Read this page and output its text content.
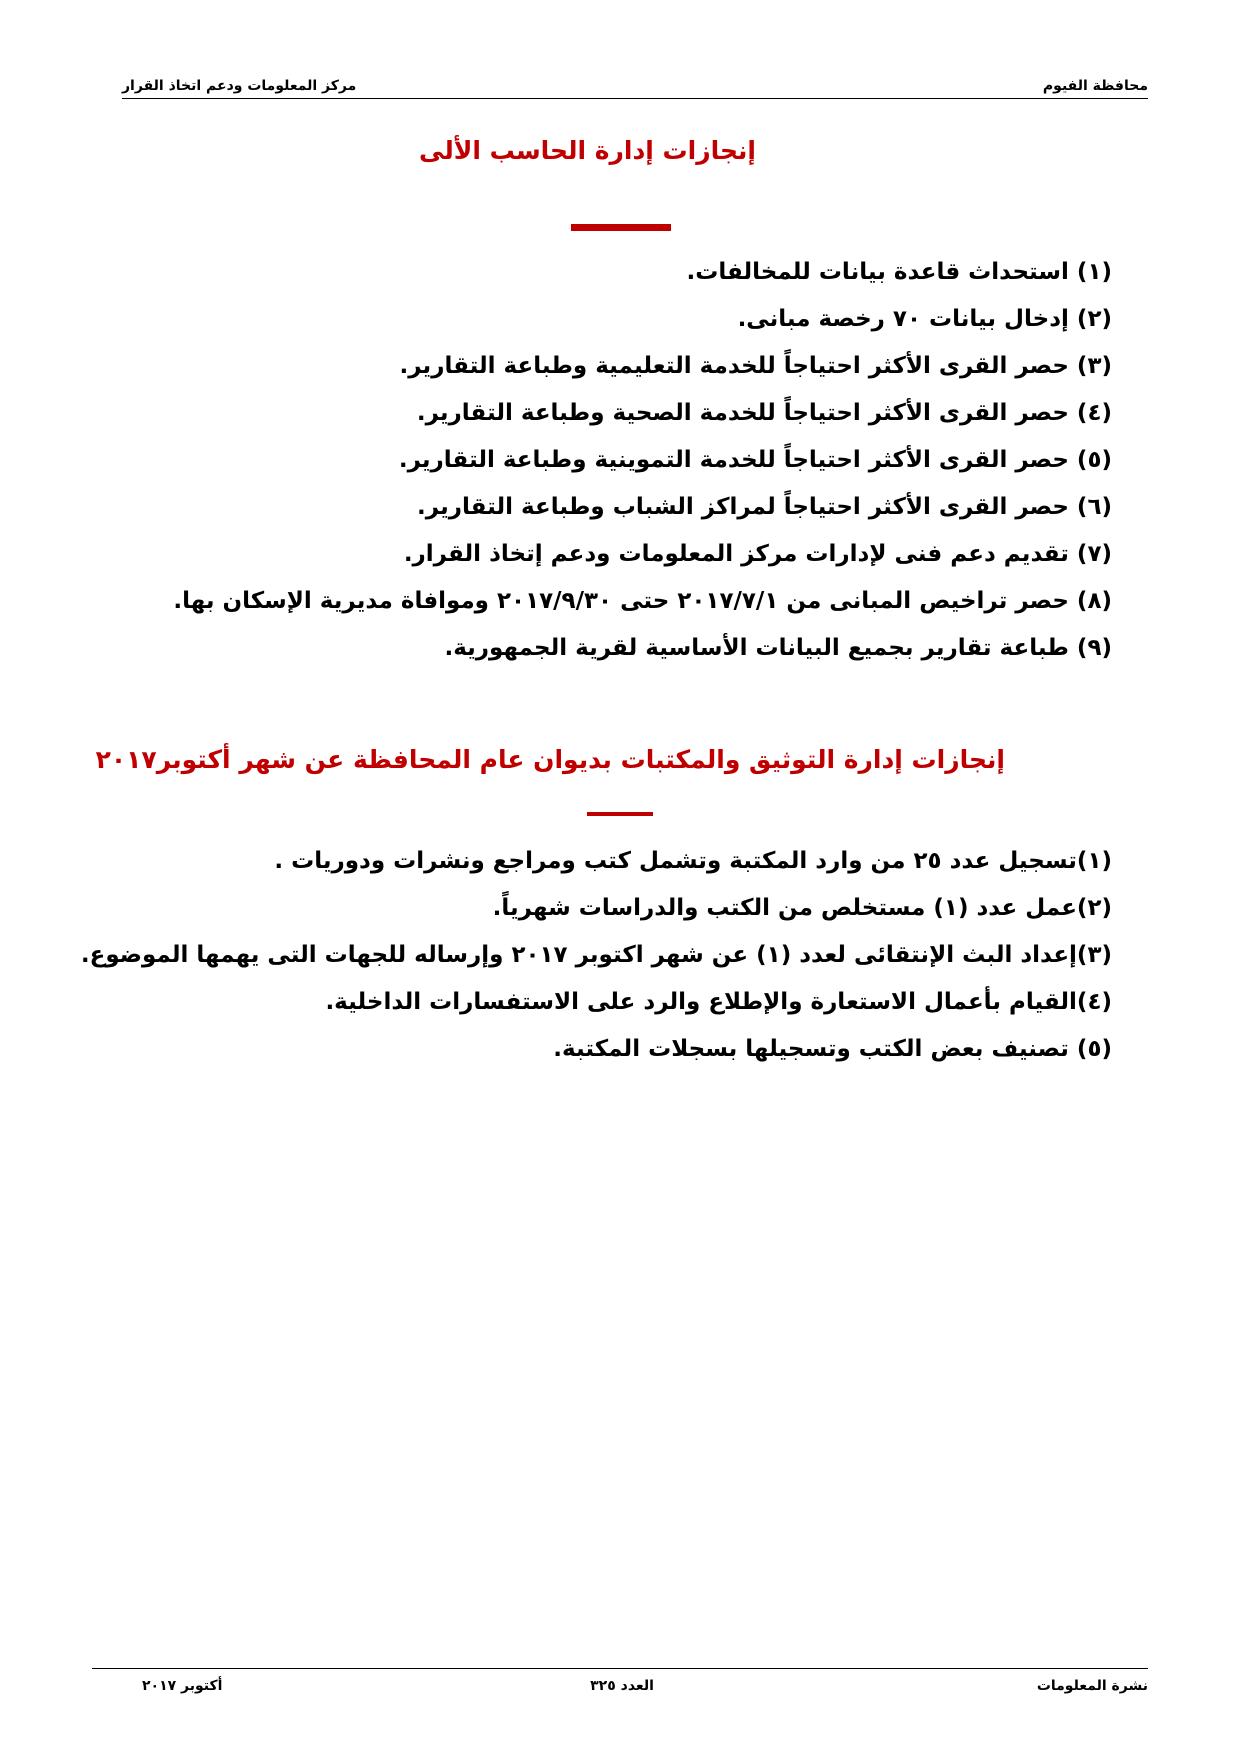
محافظة الفيوم
مركز المعلومات ودعم اتخاذ القرار
إنجازات إدارة الحاسب الألى
(١) استحداث قاعدة بيانات للمخالفات.
(٢) إدخال بيانات ٧٠ رخصة مبانى.
(٣) حصر القرى الأكثر احتياجاً للخدمة التعليمية وطباعة التقارير.
(٤) حصر القرى الأكثر احتياجاً للخدمة الصحية وطباعة التقارير.
(٥) حصر القرى الأكثر احتياجاً للخدمة التموينية وطباعة التقارير.
(٦) حصر القرى الأكثر احتياجاً لمراكز الشباب وطباعة التقارير.
(٧) تقديم دعم فنى لإدارات مركز المعلومات ودعم إتخاذ القرار.
(٨) حصر تراخيص المبانى من ٢٠١٧/٧/١ حتى ٢٠١٧/٩/٣٠ وموافاة مديرية الإسكان بها.
(٩) طباعة تقارير بجميع البيانات الأساسية لقرية الجمهورية.
إنجازات إدارة التوثيق والمكتبات بديوان عام المحافظة عن شهر أكتوبر٢٠١٧
(١)تسجيل عدد ٢٥ من وارد المكتبة وتشمل كتب ومراجع ونشرات ودوريات .
(٢)عمل عدد (١) مستخلص من الكتب والدراسات شهرياً.
(٣)إعداد البث الإنتقائى لعدد (١) عن شهر اكتوبر ٢٠١٧ وإرساله للجهات التى يهمها الموضوع.
(٤)القيام بأعمال الاستعارة والإطلاع والرد على الاستفسارات الداخلية.
(٥) تصنيف بعض الكتب وتسجيلها بسجلات المكتبة.
نشرة المعلومات
العدد ٣٢٥
أكتوبر ٢٠١٧
